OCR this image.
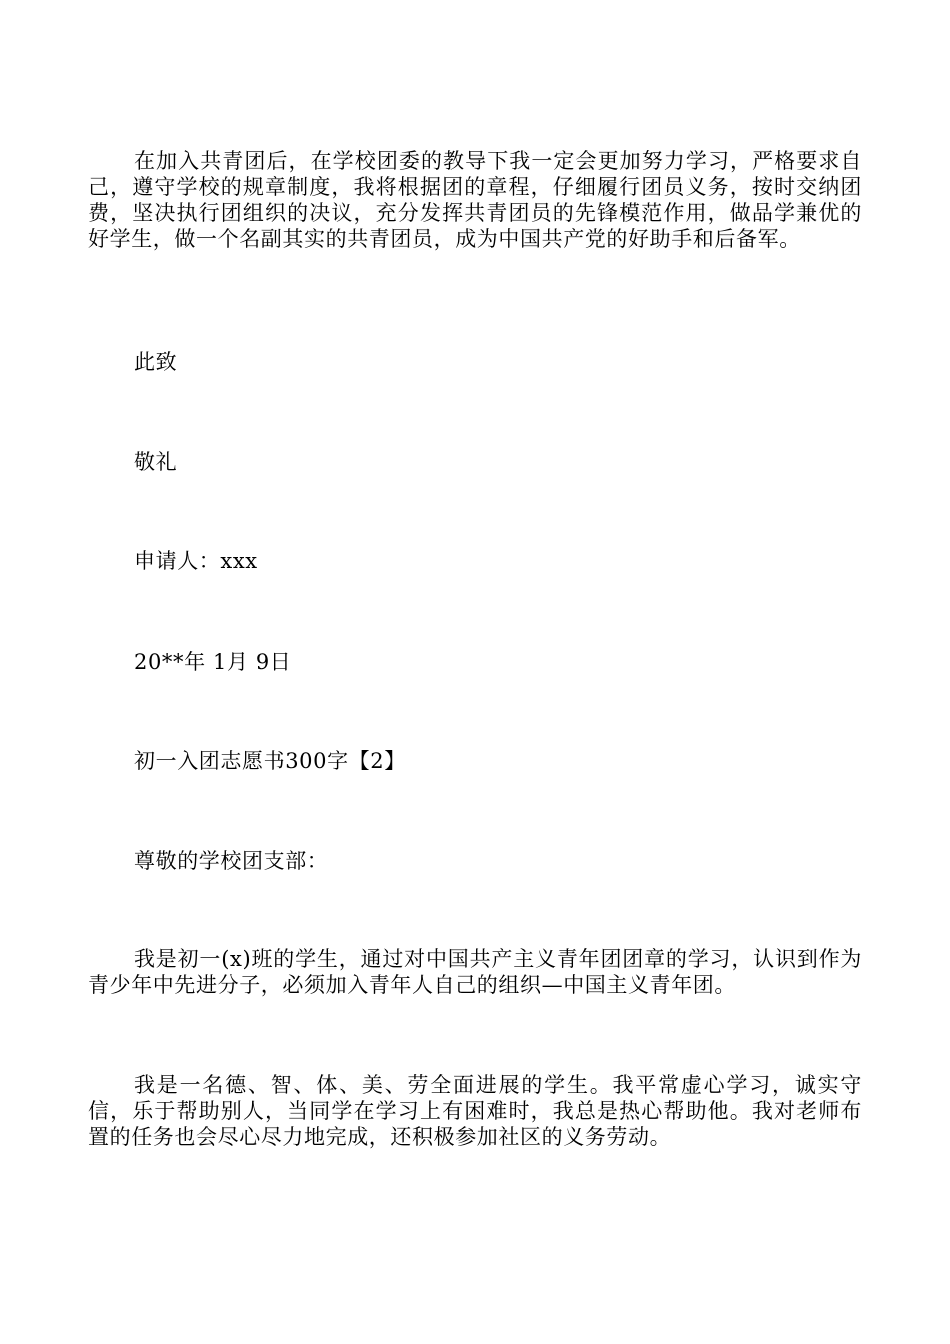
在加入共青团后，在学校团委的教导下我一定会更加努力学习，严格要求自己，遵守学校的规章制度，我将根据团的章程，仔细履行团员义务，按时交纳团费，坚决执行团组织的决议，充分发挥共青团员的先锋模范作用，做品学兼优的好学生，做一个名副其实的共青团员，成为中国共产党的好助手和后备军。

此致

敬礼

申请人：xxx

20**年 1月 9日

初一入团志愿书300字【2】

尊敬的学校团支部：

我是初一(x)班的学生，通过对中国共产主义青年团团章的学习，认识到作为青少年中先进分子，必须加入青年人自己的组织—中国主义青年团。

我是一名德、智、体、美、劳全面进展的学生。我平常虚心学习，诚实守信，乐于帮助别人，当同学在学习上有困难时，我总是热心帮助他。我对老师布置的任务也会尽心尽力地完成，还积极参加社区的义务劳动。
